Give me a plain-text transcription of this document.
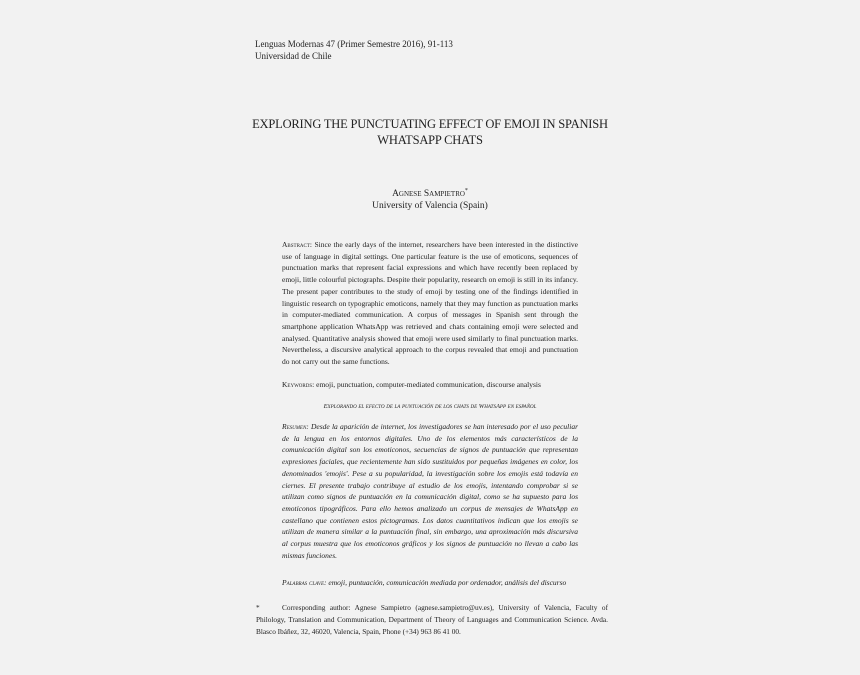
Lenguas Modernas 47 (Primer Semestre 2016), 91-113
Universidad de Chile
EXPLORING THE PUNCTUATING EFFECT OF EMOJI IN SPANISH
WHATSAPP CHATS
Agnese Sampietro*
University of Valencia (Spain)
Abstract: Since the early days of the internet, researchers have been interested in the distinctive use of language in digital settings. One particular feature is the use of emoticons, sequences of punctuation marks that represent facial expressions and which have recently been replaced by emoji, little colourful pictographs. Despite their popularity, research on emoji is still in its infancy. The present paper contributes to the study of emoji by testing one of the findings identified in linguistic research on typographic emoticons, namely that they may function as punctuation marks in computer-mediated communication. A corpus of messages in Spanish sent through the smartphone application WhatsApp was retrieved and chats containing emoji were selected and analysed. Quantitative analysis showed that emoji were used similarly to final punctuation marks. Nevertheless, a discursive analytical approach to the corpus revealed that emoji and punctuation do not carry out the same functions.
Keywords: emoji, punctuation, computer-mediated communication, discourse analysis
Explorando el efecto de la puntuación de los chats de WhatsApp en español
Resumen: Desde la aparición de internet, los investigadores se han interesado por el uso peculiar de la lengua en los entornos digitales. Uno de los elementos más característicos de la comunicación digital son los emoticonos, secuencias de signos de puntuación que representan expresiones faciales, que recientemente han sido sustituidos por pequeñas imágenes en color, los denominados 'emojis'. Pese a su popularidad, la investigación sobre los emojis está todavía en ciernes. El presente trabajo contribuye al estudio de los emojis, intentando comprobar si se utilizan como signos de puntuación en la comunicación digital, como se ha supuesto para los emoticonos tipográficos. Para ello hemos analizado un corpus de mensajes de WhatsApp en castellano que contienen estos pictogramas. Los datos cuantitativos indican que los emojis se utilizan de manera similar a la puntuación final, sin embargo, una aproximación más discursiva al corpus muestra que los emoticonos gráficos y los signos de puntuación no llevan a cabo las mismas funciones.
Palabras clave: emoji, puntuación, comunicación mediada por ordenador, análisis del discurso
*	Corresponding author: Agnese Sampietro (agnese.sampietro@uv.es), University of Valencia, Faculty of Philology, Translation and Communication, Department of Theory of Languages and Communication Science. Avda. Blasco Ibáñez, 32, 46020, Valencia, Spain, Phone (+34) 963 86 41 00.
